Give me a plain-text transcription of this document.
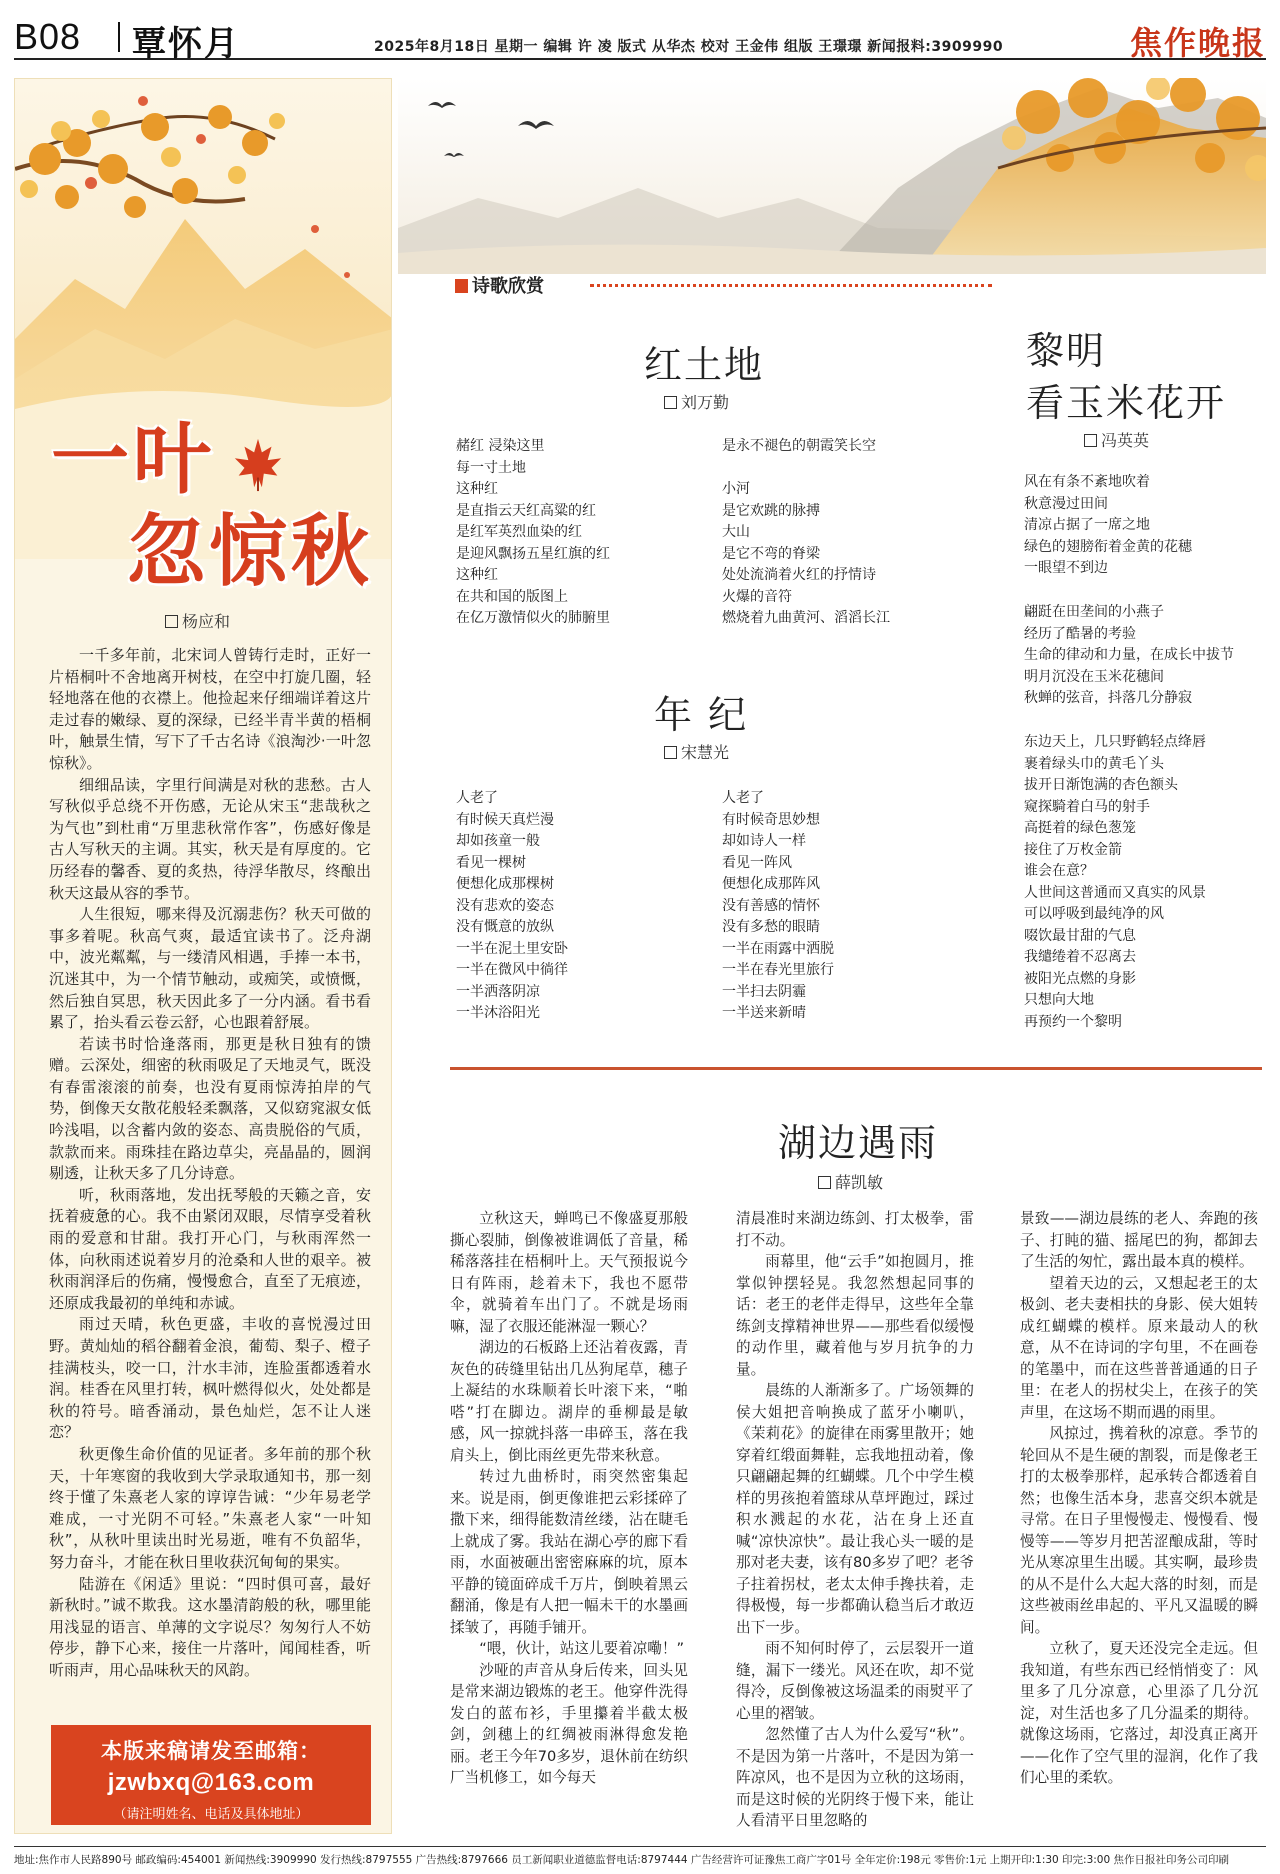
B08 覃怀月	2025年8月18日 星期一 编辑 许 凌 版式 从华杰 校对 王金伟 组版 王璟璟 新闻报料:3909990	焦作晚报
一叶
忽惊秋
杨应和

一千多年前，北宋词人曾铸行走时，正好一片梧桐叶不舍地离开树枝，在空中打旋几圈，轻轻地落在他的衣襟上。他捡起来仔细端详着这片走过春的嫩绿、夏的深绿，已经半青半黄的梧桐叶，触景生情，写下了千古名诗《浪淘沙·一叶忽惊秋》。

细细品读，字里行间满是对秋的悲愁。古人写秋似乎总绕不开伤感，无论从宋玉“悲哉秋之为气也”到杜甫“万里悲秋常作客”，伤感好像是古人写秋天的主调。其实，秋天是有厚度的。它历经春的馨香、夏的炙热，待浮华散尽，终酿出秋天这最从容的季节。

人生很短，哪来得及沉溺悲伤？秋天可做的事多着呢。秋高气爽，最适宜读书了。泛舟湖中，波光粼粼，与一缕清风相遇，手捧一本书，沉迷其中，为一个情节触动，或痴笑，或愤慨，然后独自冥思，秋天因此多了一分内涵。看书看累了，抬头看云卷云舒，心也跟着舒展。

若读书时恰逢落雨，那更是秋日独有的馈赠。云深处，细密的秋雨吸足了天地灵气，既没有春雷滚滚的前奏，也没有夏雨惊涛拍岸的气势，倒像天女散花般轻柔飘落，又似窈窕淑女低吟浅唱，以含蓄内敛的姿态、高贵脱俗的气质，款款而来。雨珠挂在路边草尖，亮晶晶的，圆润剔透，让秋天多了几分诗意。

听，秋雨落地，发出抚琴般的天籁之音，安抚着疲惫的心。我不由紧闭双眼，尽情享受着秋雨的爱意和甘甜。我打开心门，与秋雨浑然一体，向秋雨述说着岁月的沧桑和人世的艰辛。被秋雨润泽后的伤痛，慢慢愈合，直至了无痕迹，还原成我最初的单纯和赤诚。

雨过天晴，秋色更盛，丰收的喜悦漫过田野。黄灿灿的稻谷翻着金浪，葡萄、梨子、橙子挂满枝头，咬一口，汁水丰沛，连脸蛋都透着水润。桂香在风里打转，枫叶燃得似火，处处都是秋的符号。暗香涌动，景色灿烂，怎不让人迷恋？

秋更像生命价值的见证者。多年前的那个秋天，十年寒窗的我收到大学录取通知书，那一刻终于懂了朱熹老人家的谆谆告诫：“少年易老学难成，一寸光阴不可轻。”朱熹老人家“一叶知秋”，从秋叶里读出时光易逝，唯有不负韶华，努力奋斗，才能在秋日里收获沉甸甸的果实。

陆游在《闲适》里说：“四时俱可喜，最好新秋时。”诚不欺我。这水墨清韵般的秋，哪里能用浅显的语言、单薄的文字说尽？匆匆行人不妨停步，静下心来，接住一片落叶，闻闻桂香，听听雨声，用心品味秋天的风韵。

本版来稿请发至邮箱：
jzwbxq@163.com
（请注明姓名、电话及具体地址）
诗歌欣赏
红土地
刘万勤
赭红 浸染这里
每一寸土地
这种红
是直指云天红高粱的红
是红军英烈血染的红
是迎风飘扬五星红旗的红
这种红
在共和国的版图上
在亿万激情似火的肺腑里
是永不褪色的朝霞笑长空
小河
是它欢跳的脉搏
大山
是它不弯的脊梁
处处流淌着火红的抒情诗
火爆的音符
燃烧着九曲黄河、滔滔长江
年 纪
宋慧光
人老了
有时候天真烂漫
却如孩童一般
看见一棵树
便想化成那棵树
没有悲欢的姿态
没有慨意的放纵
一半在泥土里安卧
一半在微风中徜徉
一半洒落阴凉
一半沐浴阳光
人老了
有时候奇思妙想
却如诗人一样
看见一阵风
便想化成那阵风
没有善感的情怀
没有多愁的眼睛
一半在雨露中洒脱
一半在春光里旅行
一半扫去阴霾
一半送来新晴
黎明
看玉米花开
冯英英
风在有条不紊地吹着
秋意漫过田间
清凉占据了一席之地
绿色的翅膀衔着金黄的花穗
一眼望不到边
翩跹在田垄间的小燕子
经历了酷暑的考验
生命的律动和力量，在成长中拔节
明月沉没在玉米花穗间
秋蝉的弦音，抖落几分静寂
东边天上，几只野鹤轻点绛唇
裹着绿头巾的黄毛丫头
拔开日渐饱满的杏色额头
窥探騎着白马的射手
高挺着的绿色葱笼
接住了万枚金箭
谁会在意？
人世间这普通而又真实的风景
可以呼吸到最纯净的风
啜饮最甘甜的气息
我缱绻着不忍离去
被阳光点燃的身影
只想向大地
再预约一个黎明
湖边遇雨
薛凯敏

立秋这天，蝉鸣已不像盛夏那般撕心裂肺，倒像被谁调低了音量，稀稀落落挂在梧桐叶上。天气预报说今日有阵雨，趁着未下，我也不愿带伞，就骑着车出门了。不就是场雨嘛，湿了衣服还能淋湿一颗心？

湖边的石板路上还沾着夜露，青灰色的砖缝里钻出几丛狗尾草，穗子上凝结的水珠顺着长叶滚下来，“啪嗒”打在脚边。湖岸的垂柳最是敏感，风一掠就抖落一串碎玉，落在我肩头上，倒比雨丝更先带来秋意。

转过九曲桥时，雨突然密集起来。说是雨，倒更像谁把云彩揉碎了撒下来，细得能数清丝缕，沾在睫毛上就成了雾。我站在湖心亭的廊下看雨，水面被砸出密密麻麻的坑，原本平静的镜面碎成千万片，倒映着黑云翻涌，像是有人把一幅未干的水墨画揉皱了，再随手铺开。

“喂，伙计，站这儿要着凉嘞！”

沙哑的声音从身后传来，回头见是常来湖边锻炼的老王。他穿件洗得发白的蓝布衫，手里攥着半截太极剑，剑穗上的红绸被雨淋得愈发艳丽。老王今年70多岁，退休前在纺织厂当机修工，如今每天

清晨准时来湖边练剑、打太极拳，雷打不动。

雨幕里，他“云手”如抱圆月，推掌似钟摆轻晃。我忽然想起同事的话：老王的老伴走得早，这些年全靠练剑支撑精神世界——那些看似缓慢的动作里，藏着他与岁月抗争的力量。

晨练的人渐渐多了。广场领舞的侯大姐把音响换成了蓝牙小喇叭，《茉莉花》的旋律在雨雾里散开；她穿着红缎面舞鞋，忘我地扭动着，像只翩翩起舞的红蝴蝶。几个中学生模样的男孩抱着篮球从草坪跑过，踩过积水溅起的水花，沾在身上还直喊“凉快凉快”。最让我心头一暖的是那对老夫妻，该有80多岁了吧？老爷子拄着拐杖，老太太伸手搀扶着，走得极慢，每一步都确认稳当后才敢迈出下一步。

雨不知何时停了，云层裂开一道缝，漏下一缕光。风还在吹，却不觉得冷，反倒像被这场温柔的雨熨平了心里的褶皱。

忽然懂了古人为什么爱写“秋”。不是因为第一片落叶，不是因为第一阵凉风，也不是因为立秋的这场雨，而是这时候的光阴终于慢下来，能让人看清平日里忽略的

景致——湖边晨练的老人、奔跑的孩子、打盹的猫、摇尾巴的狗，都卸去了生活的匆忙，露出最本真的模样。

望着天边的云，又想起老王的太极剑、老夫妻相扶的身影、侯大姐转成红蝴蝶的模样。原来最动人的秋意，从不在诗词的字句里，不在画卷的笔墨中，而在这些普普通通的日子里：在老人的拐杖尖上，在孩子的笑声里，在这场不期而遇的雨里。

风掠过，携着秋的凉意。季节的轮回从不是生硬的割裂，而是像老王打的太极拳那样，起承转合都透着自然；也像生活本身，悲喜交织本就是寻常。在日子里慢慢走、慢慢看、慢慢等——等岁月把苦涩酿成甜，等时光从寒凉里生出暖。其实啊，最珍贵的从不是什么大起大落的时刻，而是这些被雨丝串起的、平凡又温暖的瞬间。

立秋了，夏天还没完全走远。但我知道，有些东西已经悄悄变了：风里多了几分凉意，心里添了几分沉淀，对生活也多了几分温柔的期待。就像这场雨，它落过，却没真正离开——化作了空气里的湿润，化作了我们心里的柔软。

地址:焦作市人民路890号 邮政编码:454001 新闻热线:3909990 发行热线:8797555 广告热线:8797666 员工新闻职业道德监督电话:8797444 广告经营许可证豫焦工商广字01号 全年定价:198元 零售价:1元 上期开印:1:30 印完:3:00 焦作日报社印务公司印刷
